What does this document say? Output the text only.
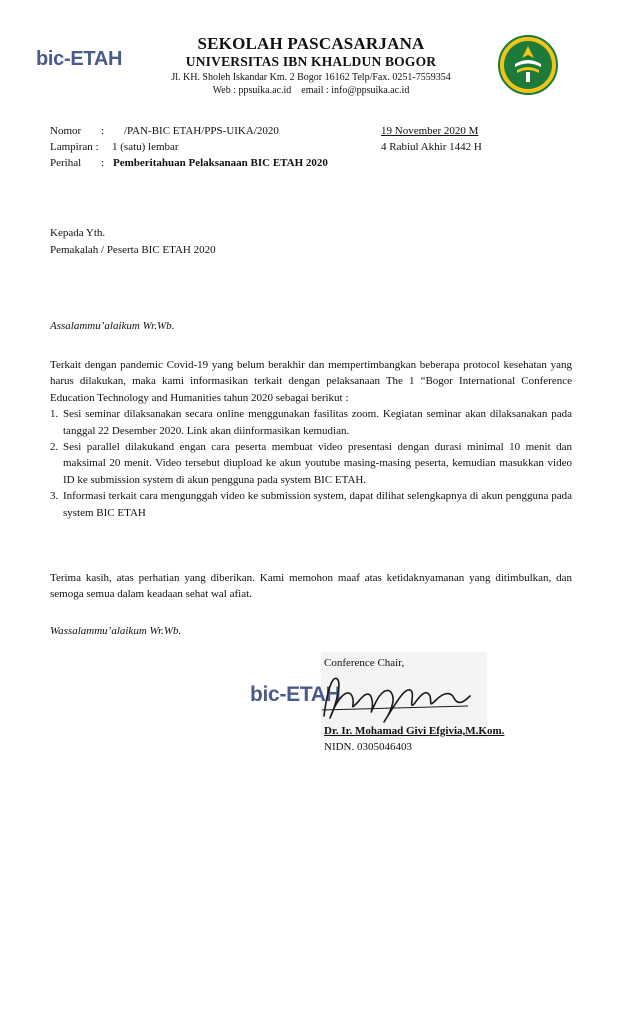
bic-ETAH
SEKOLAH PASCASARJANA
UNIVERSITAS IBN KHALDUN BOGOR
Jl. KH. Sholeh Iskandar Km. 2 Bogor 16162 Telp/Fax. 0251-7559354
Web : ppsuika.ac.id    email : info@ppsuika.ac.id
Nomor : /PAN-BIC ETAH/PPS-UIKA/2020	19 November 2020 M
Lampiran : 1 (satu) lembar	4 Rabiul Akhir 1442 H
Perihal : Pemberitahuan Pelaksanaan BIC ETAH 2020
Kepada Yth.
Pemakalah / Peserta BIC ETAH 2020
Assalammu’alaikum Wr.Wb.

Terkait dengan pandemic Covid-19 yang belum berakhir dan mempertimbangkan beberapa protocol kesehatan yang harus dilakukan, maka kami informasikan terkait dengan pelaksanaan The 1 “Bogor International Conference Education Technology and Humanities tahun 2020 sebagai berikut :

1. Sesi seminar dilaksanakan secara online menggunakan fasilitas zoom. Kegiatan seminar akan dilaksanakan pada tanggal 22 Desember 2020. Link akan diinformasikan kemudian.
2. Sesi parallel dilakukand engan cara peserta membuat video presentasi dengan durasi minimal 10 menit dan maksimal 20 menit. Video tersebut diupload ke akun youtube masing-masing peserta, kemudian masukkan video ID ke submission system di akun pengguna pada system BIC ETAH.
3. Informasi terkait cara mengunggah video ke submission system, dapat dilihat selengkapnya di akun pengguna pada system BIC ETAH
Terima kasih, atas perhatian yang diberikan. Kami memohon maaf atas ketidaknyamanan yang ditimbulkan, dan semoga semua dalam keadaan sehat wal afiat.
Wassalammu’alaikum Wr.Wb.
Conference Chair,
bic-ETAH
Dr. Ir. Mohamad Givi Efgivia,M.Kom.
NIDN. 0305046403
